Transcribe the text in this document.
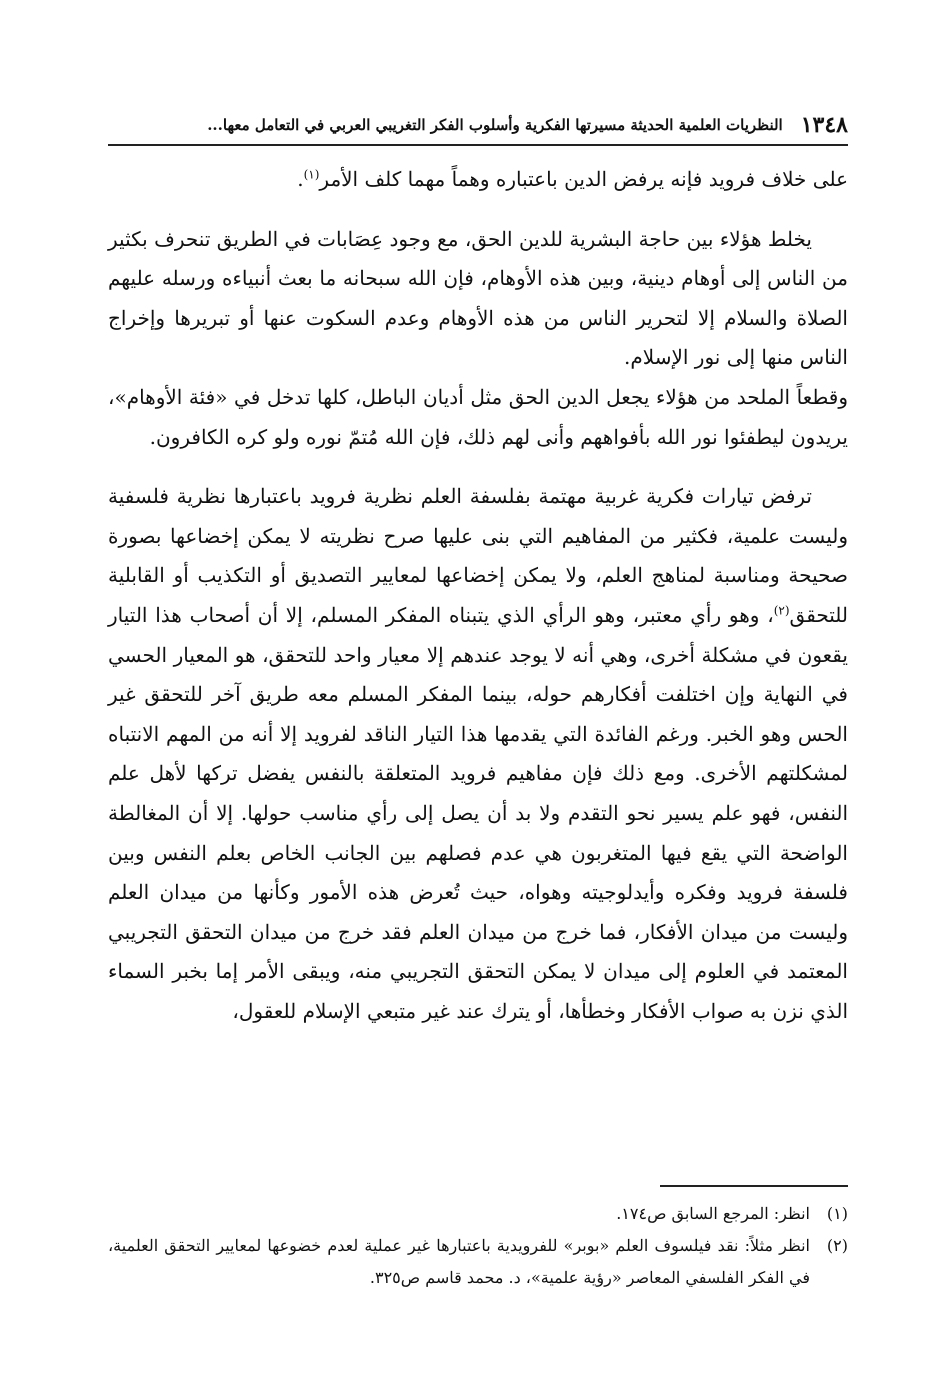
١٣٤٨
النظريات العلمية الحديثة مسيرتها الفكرية وأسلوب الفكر التغريبي العربي في التعامل معها...

على خلاف فرويد فإنه يرفض الدين باعتباره وهماً مهما كلف الأمر$^{(١)}$.

يخلط هؤلاء بين حاجة البشرية للدين الحق، مع وجود عِصَابات في الطريق تنحرف بكثير من الناس إلى أوهام دينية، وبين هذه الأوهام، فإن الله سبحانه ما بعث أنبياءه ورسله عليهم الصلاة والسلام إلا لتحرير الناس من هذه الأوهام وعدم السكوت عنها أو تبريرها وإخراج الناس منها إلى نور الإسلام.

وقطعاً الملحد من هؤلاء يجعل الدين الحق مثل أديان الباطل، كلها تدخل في «فئة الأوهام»، يريدون ليطفئوا نور الله بأفواههم وأنى لهم ذلك، فإن الله مُتمّ نوره ولو كره الكافرون.

ترفض تيارات فكرية غربية مهتمة بفلسفة العلم نظرية فرويد باعتبارها نظرية فلسفية وليست علمية، فكثير من المفاهيم التي بنى عليها صرح نظريته لا يمكن إخضاعها بصورة صحيحة ومناسبة لمناهج العلم، ولا يمكن إخضاعها لمعايير التصديق أو التكذيب أو القابلية للتحقق$^{(٢)}$، وهو رأي معتبر، وهو الرأي الذي يتبناه المفكر المسلم، إلا أن أصحاب هذا التيار يقعون في مشكلة أخرى، وهي أنه لا يوجد عندهم إلا معيار واحد للتحقق، هو المعيار الحسي في النهاية وإن اختلفت أفكارهم حوله، بينما المفكر المسلم معه طريق آخر للتحقق غير الحس وهو الخبر. ورغم الفائدة التي يقدمها هذا التيار الناقد لفرويد إلا أنه من المهم الانتباه لمشكلتهم الأخرى. ومع ذلك فإن مفاهيم فرويد المتعلقة بالنفس يفضل تركها لأهل علم النفس، فهو علم يسير نحو التقدم ولا بد أن يصل إلى رأي مناسب حولها. إلا أن المغالطة الواضحة التي يقع فيها المتغربون هي عدم فصلهم بين الجانب الخاص بعلم النفس وبين فلسفة فرويد وفكره وأيدلوجيته وهواه، حيث تُعرض هذه الأمور وكأنها من ميدان العلم وليست من ميدان الأفكار، فما خرج من ميدان العلم فقد خرج من ميدان التحقق التجريبي المعتمد في العلوم إلى ميدان لا يمكن التحقق التجريبي منه، ويبقى الأمر إما بخبر السماء الذي نزن به صواب الأفكار وخطأها، أو يترك عند غير متبعي الإسلام للعقول،

(١)
انظر: المرجع السابق ص١٧٤.
(٢)
انظر مثلاً: نقد فيلسوف العلم «بوبر» للفرويدية باعتبارها غير عملية لعدم خضوعها لمعايير التحقق العلمية، في الفكر الفلسفي المعاصر «رؤية علمية»، د. محمد قاسم ص٣٢٥.
